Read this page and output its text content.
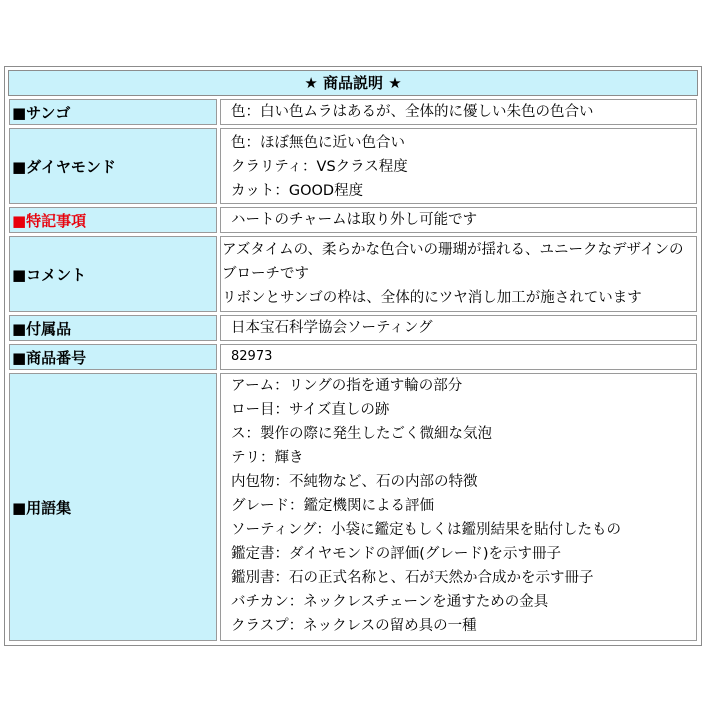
★ 商品説明 ★
■サンゴ	色：白い色ムラはあるが、全体的に優しい朱色の色合い
■ダイヤモンド
色：ほぼ無色に近い色合い
クラリティ：VSクラス程度
カット：GOOD程度
■特記事項	ハートのチャームは取り外し可能です
■コメント
アズタイムの、柔らかな色合いの珊瑚が揺れる、ユニークなデザインの
ブローチです
リボンとサンゴの枠は、全体的にツヤ消し加工が施されています
■付属品	日本宝石科学協会ソーティング
■商品番号	82973
■用語集
アーム：リングの指を通す輪の部分
ロー目：サイズ直しの跡
ス：製作の際に発生したごく微細な気泡
テリ：輝き
内包物：不純物など、石の内部の特徴
グレード：鑑定機関による評価
ソーティング：小袋に鑑定もしくは鑑別結果を貼付したもの
鑑定書：ダイヤモンドの評価(グレード)を示す冊子
鑑別書：石の正式名称と、石が天然か合成かを示す冊子
バチカン：ネックレスチェーンを通すための金具
クラスプ：ネックレスの留め具の一種
